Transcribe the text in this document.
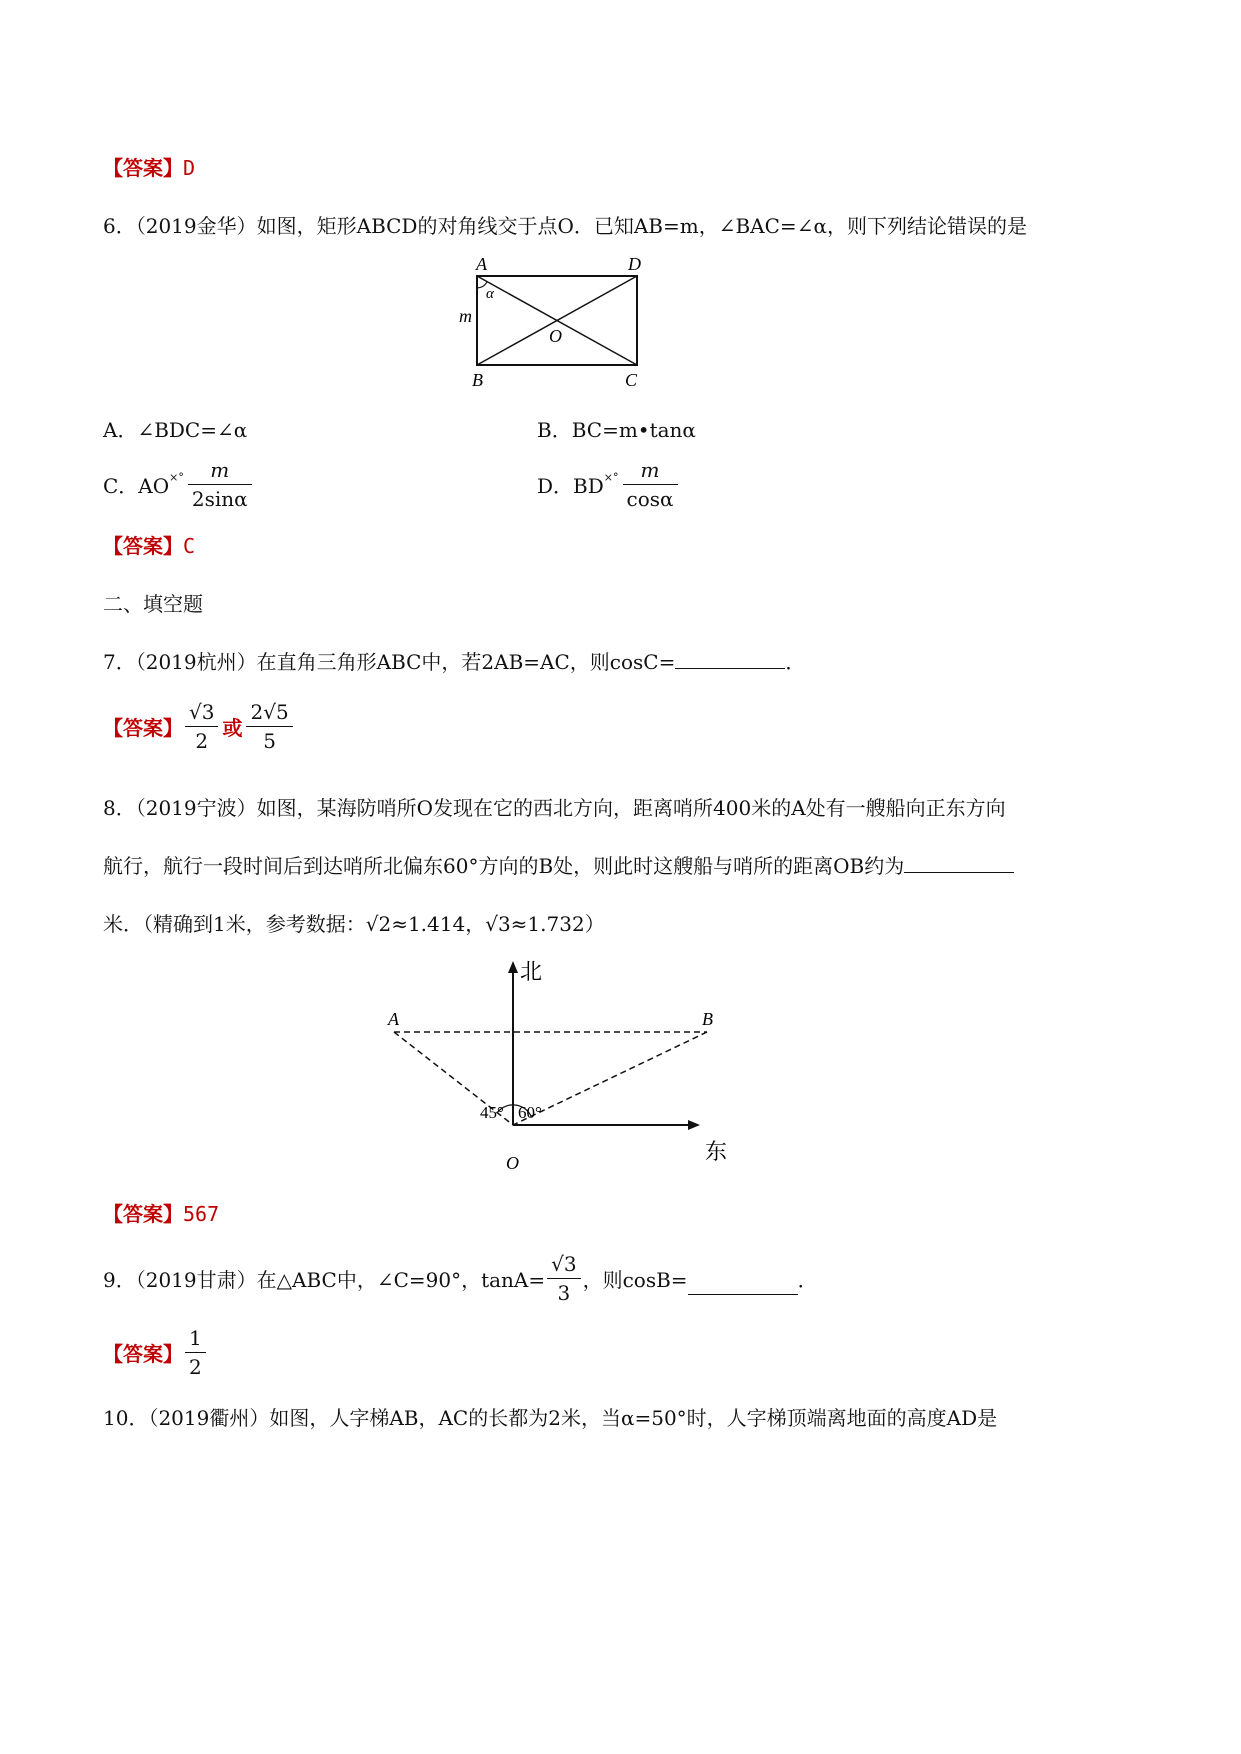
【答案】D
6．（2019金华）如图，矩形ABCD的对角线交于点O．已知AB=m，∠BAC=∠α，则下列结论错误的是
A	D
B	C
O
m
α
A．∠BDC=∠α	B．BC=m•tanα
C．AO ×° $\frac{m}{2\sin\alpha}$	D．BD ×° $\frac{m}{\cos\alpha}$
【答案】C
二、填空题
7．（2019杭州）在直角三角形ABC中，若2AB=AC，则cosC=	．
【答案】 $\frac{√3}{2}$ 或 $\frac{2√5}{5}$
8．（2019宁波）如图，某海防哨所O发现在它的西北方向，距离哨所400米的A处有一艘船向正东方向
航行，航行一段时间后到达哨所北偏东60°方向的B处，则此时这艘船与哨所的距离OB约为
米．（精确到1米，参考数据：√2≈1.414，√3≈1.732）
北
东
A	B
O
45° 60°
【答案】567
9．（2019甘肃）在△ABC中，∠C=90°，$\tan A= \frac{√3}{3}$ ，则cosB=	．
【答案】 $\frac{1}{2}$
10．（2019衢州）如图，人字梯AB，AC的长都为2米，当α=50°时，人字梯顶端离地面的高度AD是
